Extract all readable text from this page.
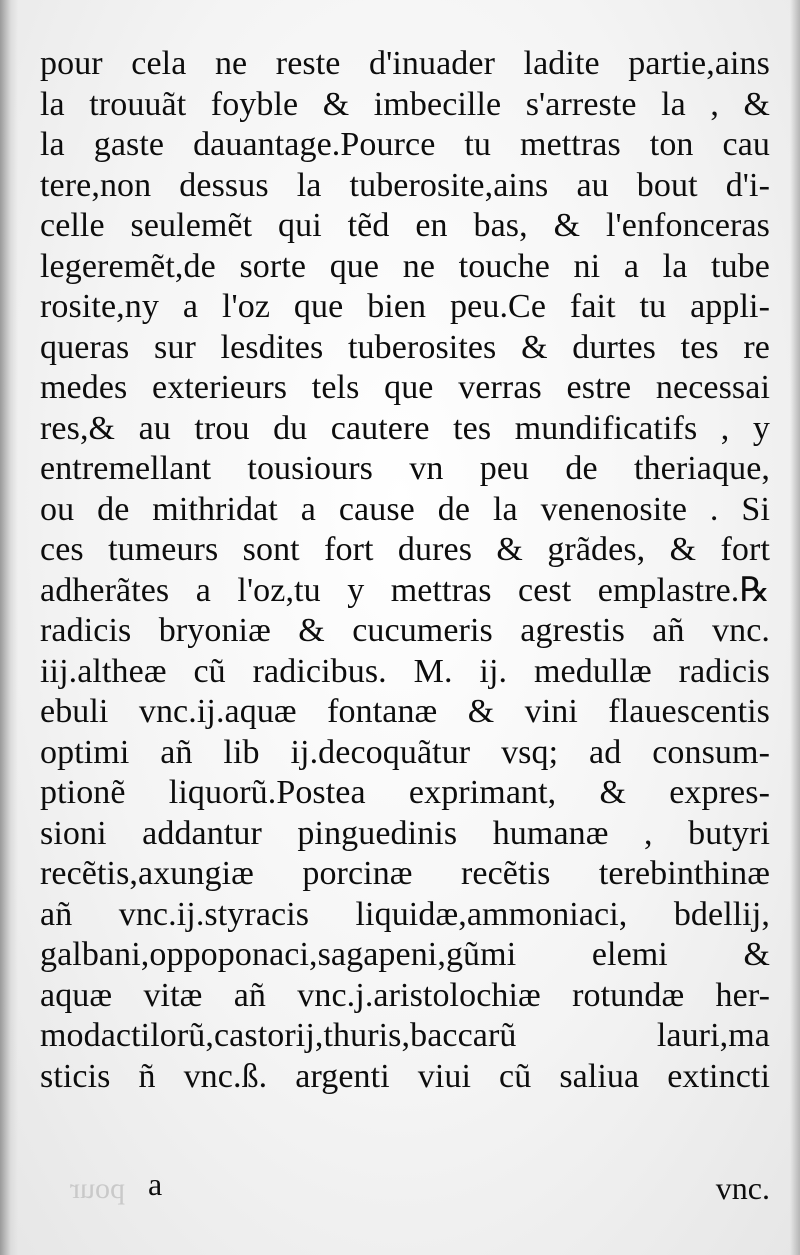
pour
pour cela ne reste d'inuader ladite partie,ains
la trouuãt foyble & imbecille s'arreste la , &
la gaste dauantage.Pource tu mettras ton cau
tere,non dessus la tuberosite,ains au bout d'i-
celle seulemẽt qui tẽd en bas, & l'enfonceras
legeremẽt,de sorte que ne touche ni a la tube
rosite,ny a l'oz que bien peu.Ce fait tu appli-
queras sur lesdites tuberosites & durtes tes re
medes exterieurs tels que verras estre necessai
res,& au trou du cautere tes mundificatifs , y
entremellant tousiours vn peu de theriaque,
ou de mithridat a cause de la venenosite . Si
ces tumeurs sont fort dures & grãdes, & fort
adherãtes a l'oz,tu y mettras cest emplastre.℞
radicis bryoniæ & cucumeris agrestis añ vnc.
iij.altheæ cũ radicibus. M. ij. medullæ radicis
ebuli vnc.ij.aquæ fontanæ & vini flauescentis
optimi añ lib ij.decoquãtur vsq; ad consum-
ptionẽ liquorũ.Postea exprimant, & expres-
sioni addantur pinguedinis humanæ , butyri
recẽtis,axungiæ porcinæ recẽtis terebinthinæ
añ vnc.ij.styracis liquidæ,ammoniaci, bdellij,
galbani,oppoponaci,sagapeni,gũmi elemi &
aquæ vitæ añ vnc.j.aristolochiæ rotundæ her-
modactilorũ,castorij,thuris,baccarũ lauri,ma
sticis ñ vnc.ß. argenti viui cũ saliua extincti
a	vnc.
